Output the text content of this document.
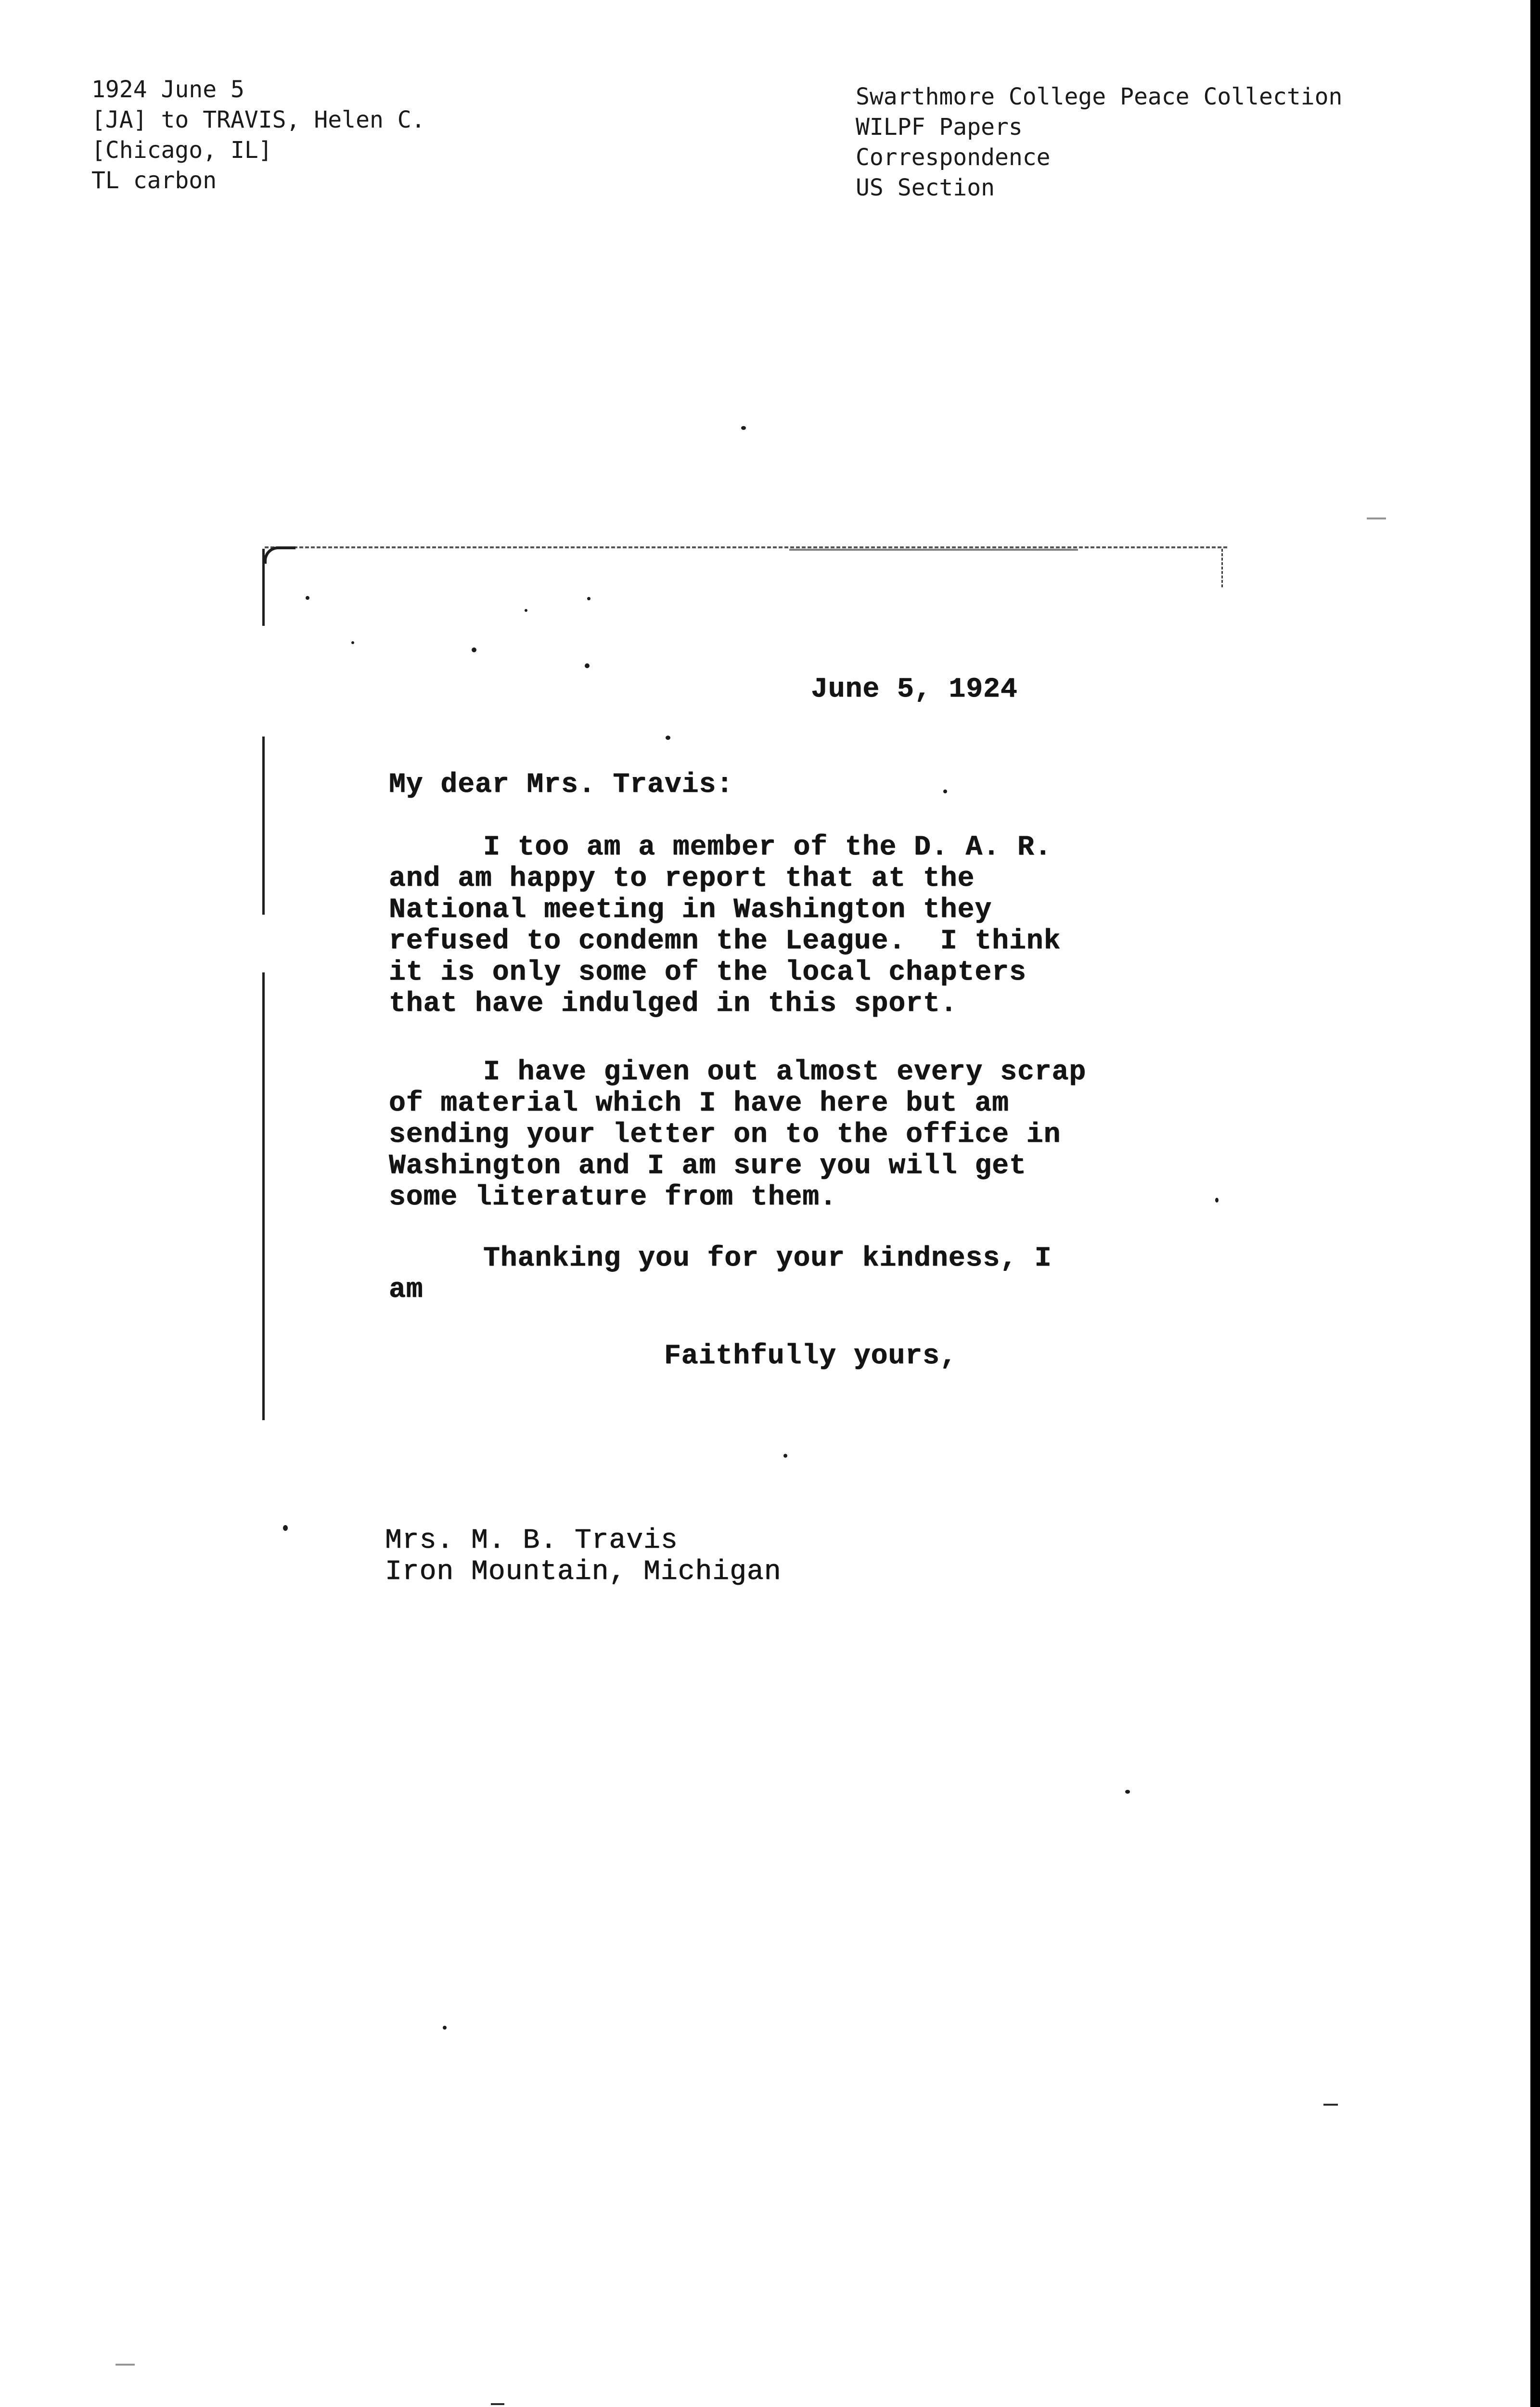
1924 June 5
[JA] to TRAVIS, Helen C.
[Chicago, IL]
TL carbon
Swarthmore College Peace Collection
WILPF Papers
Correspondence
US Section
June 5, 1924
My dear Mrs. Travis:
I too am a member of the D. A. R.
and am happy to report that at the
National meeting in Washington they
refused to condemn the League.  I think
it is only some of the local chapters
that have indulged in this sport.
I have given out almost every scrap
of material which I have here but am
sending your letter on to the office in
Washington and I am sure you will get
some literature from them.
Thanking you for your kindness, I
am
Faithfully yours,
Mrs. M. B. Travis
Iron Mountain, Michigan
